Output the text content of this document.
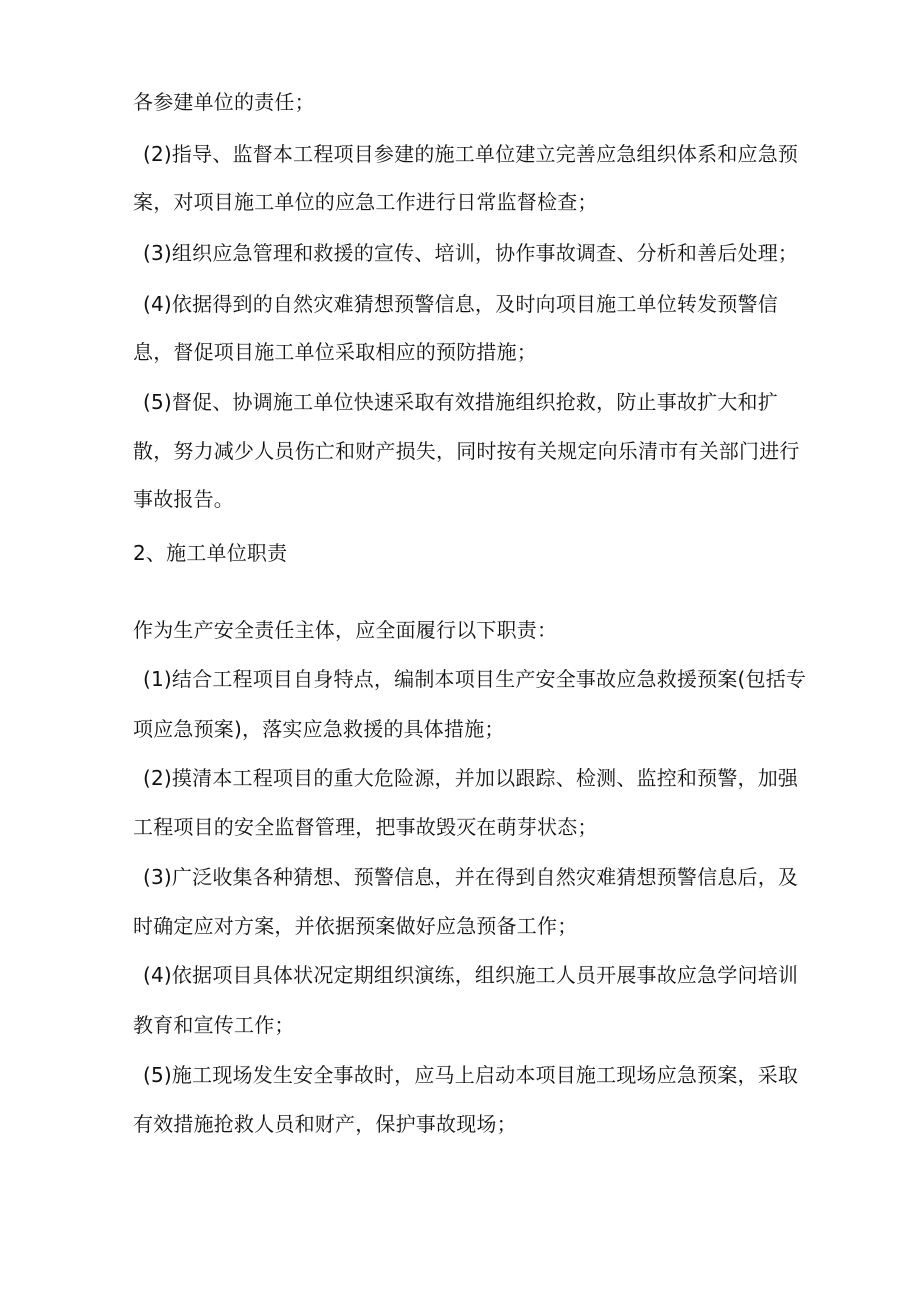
各参建单位的责任；
(2)指导、监督本工程项目参建的施工单位建立完善应急组织体系和应急预
案，对项目施工单位的应急工作进行日常监督检查；
(3)组织应急管理和救援的宣传、培训，协作事故调查、分析和善后处理；
(4)依据得到的自然灾难猜想预警信息，及时向项目施工单位转发预警信
息，督促项目施工单位采取相应的预防措施；
(5)督促、协调施工单位快速采取有效措施组织抢救，防止事故扩大和扩
散，努力减少人员伤亡和财产损失，同时按有关规定向乐清市有关部门进行
事故报告。
2、施工单位职责
作为生产安全责任主体，应全面履行以下职责：
(1)结合工程项目自身特点，编制本项目生产安全事故应急救援预案(包括专
项应急预案)，落实应急救援的具体措施；
(2)摸清本工程项目的重大危险源，并加以跟踪、检测、监控和预警，加强
工程项目的安全监督管理，把事故毁灭在萌芽状态；
(3)广泛收集各种猜想、预警信息，并在得到自然灾难猜想预警信息后，及
时确定应对方案，并依据预案做好应急预备工作；
(4)依据项目具体状况定期组织演练，组织施工人员开展事故应急学问培训
教育和宣传工作；
(5)施工现场发生安全事故时，应马上启动本项目施工现场应急预案，采取
有效措施抢救人员和财产，保护事故现场；
